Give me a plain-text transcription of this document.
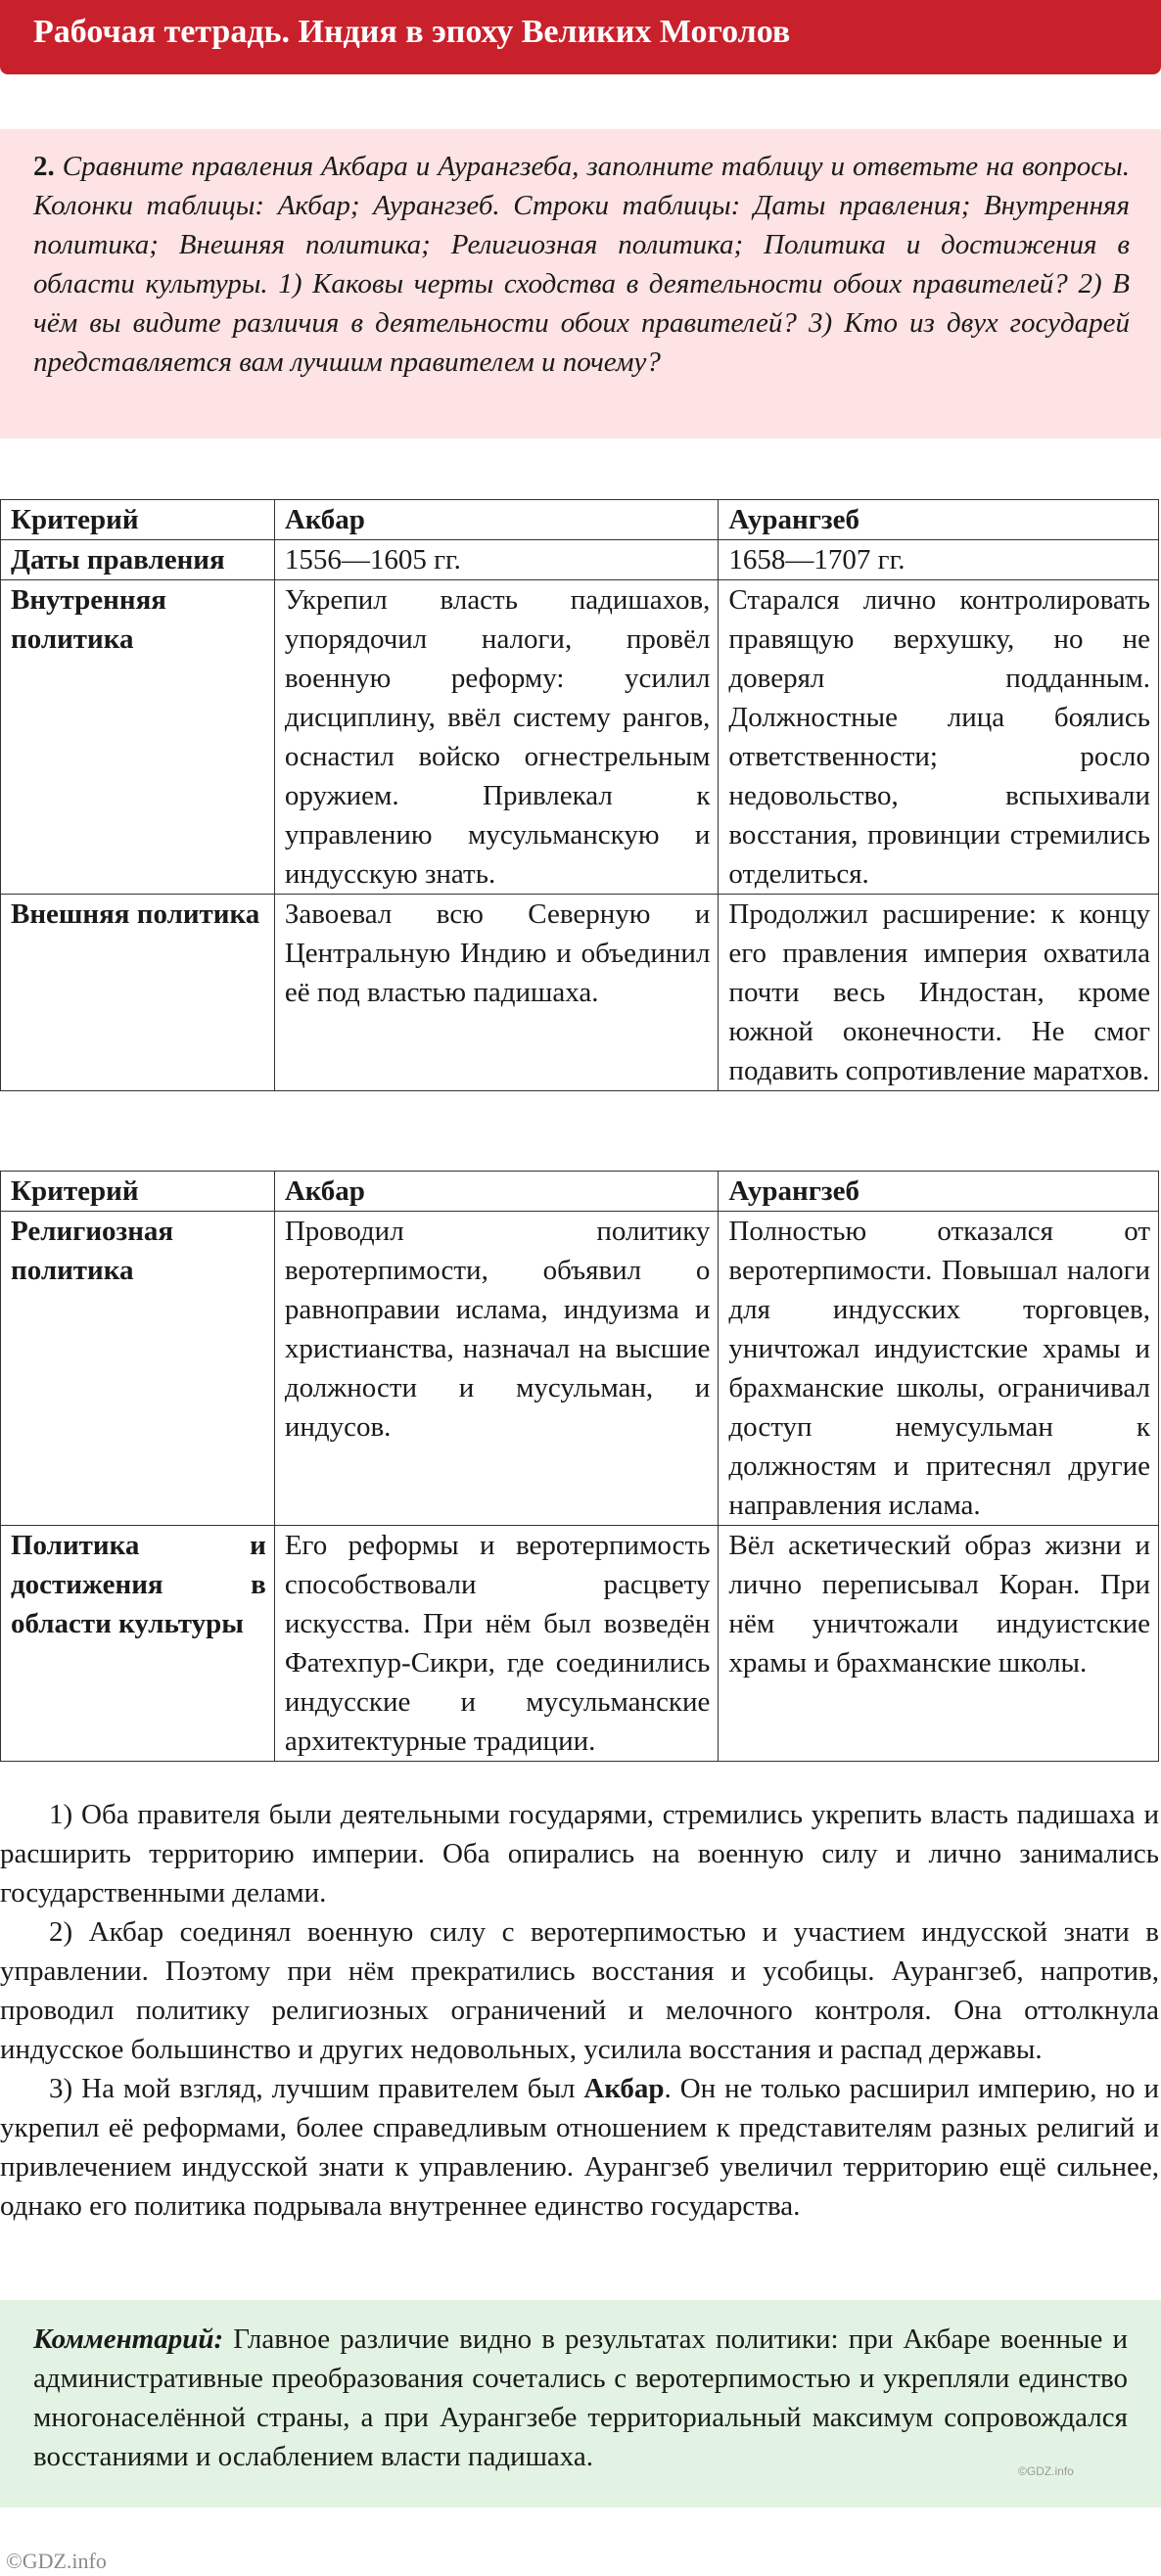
Рабочая тетрадь. Индия в эпоху Великих Моголов
2. Сравните правления Акбара и Аурангзеба, заполните таблицу и ответьте на вопросы. Колонки таблицы: Акбар; Аурангзеб. Строки таблицы: Даты правления; Внутренняя политика; Внешняя политика; Религиозная политика; Политика и достижения в области культуры. 1) Каковы черты сходства в деятельности обоих правителей? 2) В чём вы видите различия в деятельности обоих правителей? 3) Кто из двух государей представляется вам лучшим правителем и почему?
Критерий	Акбар	Аурангзеб
Даты правления	1556—1605 гг.	1658—1707 гг.
Внутренняя политика	Укрепил власть падишахов, упорядочил налоги, провёл военную реформу: усилил дисциплину, ввёл систему рангов, оснастил войско огнестрельным оружием. Привлекал к управлению мусульманскую и индусскую знать.	Старался лично контролировать правящую верхушку, но не доверял подданным. Должностные лица боялись ответственности; росло недовольство, вспыхивали восстания, провинции стремились отделиться.
Внешняя политика	Завоевал всю Северную и Центральную Индию и объединил её под властью падишаха.	Продолжил расширение: к концу его правления империя охватила почти весь Индостан, кроме южной оконечности. Не смог подавить сопротивление маратхов.
Критерий	Акбар	Аурангзеб
Религиозная политика	Проводил политику веротерпимости, объявил о равноправии ислама, индуизма и христианства, назначал на высшие должности и мусульман, и индусов.	Полностью отказался от веротерпимости. Повышал налоги для индусских торговцев, уничтожал индуистские храмы и брахманские школы, ограничивал доступ немусульман к должностям и притеснял другие направления ислама.
Политика и достижения в области культуры	Его реформы и веротерпимость способствовали расцвету искусства. При нём был возведён Фатехпур-Сикри, где соединились индусские и мусульманские архитектурные традиции.	Вёл аскетический образ жизни и лично переписывал Коран. При нём уничтожали индуистские храмы и брахманские школы.

1) Оба правителя были деятельными государями, стремились укрепить власть падишаха и расширить территорию империи. Оба опирались на военную силу и лично занимались государственными делами.

2) Акбар соединял военную силу с веротерпимостью и участием индусской знати в управлении. Поэтому при нём прекратились восстания и усобицы. Аурангзеб, напротив, проводил политику религиозных ограничений и мелочного контроля. Она оттолкнула индусское большинство и других недовольных, усилила восстания и распад державы.

3) На мой взгляд, лучшим правителем был Акбар. Он не только расширил империю, но и укрепил её реформами, более справедливым отношением к представителям разных религий и привлечением индусской знати к управлению. Аурангзеб увеличил территорию ещё сильнее, однако его политика подрывала внутреннее единство государства.

Комментарий: Главное различие видно в результатах политики: при Акбаре военные и административные преобразования сочетались с веротерпимостью и укрепляли единство многонаселённой страны, а при Аурангзебе территориальный максимум сопровождался восстаниями и ослаблением власти падишаха.	©GDZ.info
©GDZ.info
